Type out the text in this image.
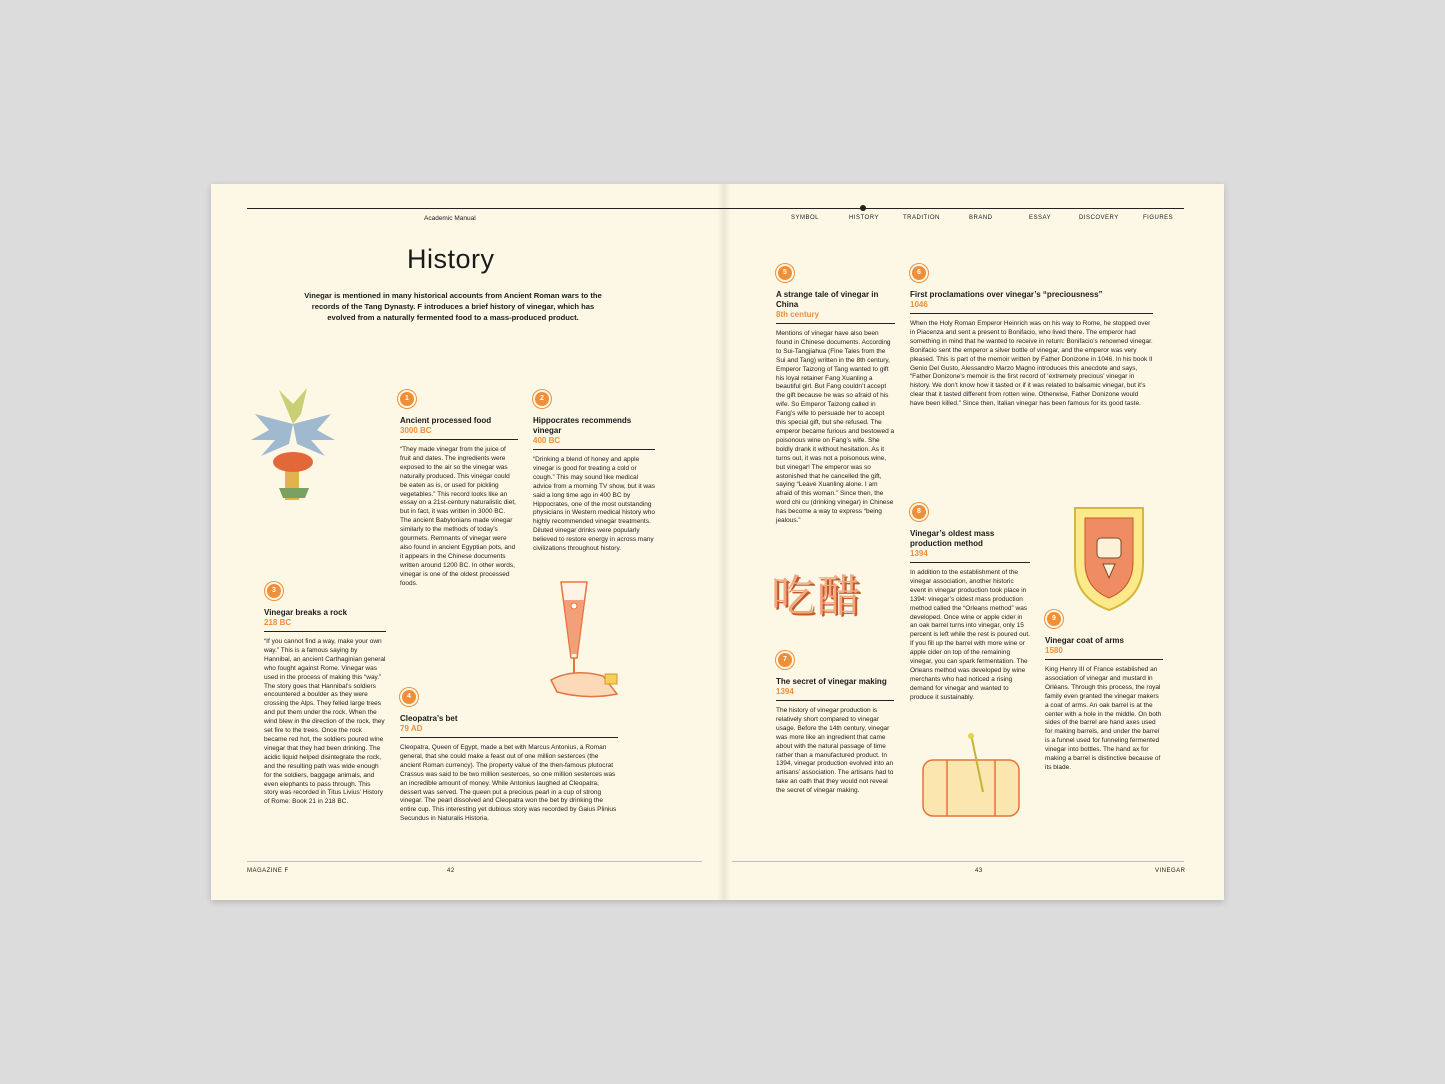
Academic Manual	SYMBOL	HISTORY	TRADITION	BRAND	ESSAY	DISCOVERY	FIGURES
History
Vinegar is mentioned in many historical accounts from Ancient Roman wars to the records of the Tang Dynasty. F introduces a brief history of vinegar, which has evolved from a naturally fermented food to a mass-produced product.
吃醋
1
Ancient processed food
3000 BC
“They made vinegar from the juice of fruit and dates. The ingredients were exposed to the air so the vinegar was naturally produced. This vinegar could be eaten as is, or used for pickling vegetables.” This record looks like an essay on a 21st-century naturalistic diet, but in fact, it was written in 3000 BC. The ancient Babylonians made vinegar similarly to the methods of today’s gourmets. Remnants of vinegar were also found in ancient Egyptian pots, and it appears in the Chinese documents written around 1200 BC. In other words, vinegar is one of the oldest processed foods.
2
Hippocrates recommends vinegar
400 BC
“Drinking a blend of honey and apple vinegar is good for treating a cold or cough.” This may sound like medical advice from a morning TV show, but it was said a long time ago in 400 BC by Hippocrates, one of the most outstanding physicians in Western medical history who highly recommended vinegar treatments. Diluted vinegar drinks were popularly believed to restore energy in across many civilizations throughout history.
3
Vinegar breaks a rock
218 BC
“If you cannot find a way, make your own way.” This is a famous saying by Hannibal, an ancient Carthaginian general who fought against Rome. Vinegar was used in the process of making this “way.” The story goes that Hannibal’s soldiers encountered a boulder as they were crossing the Alps. They felled large trees and put them under the rock. When the wind blew in the direction of the rock, they set fire to the trees. Once the rock became red hot, the soldiers poured wine vinegar that they had been drinking. The acidic liquid helped disintegrate the rock, and the resulting path was wide enough for the soldiers, baggage animals, and even elephants to pass through. This story was recorded in Titus Livius’ History of Rome: Book 21 in 218 BC.
4
Cleopatra’s bet
79 AD
Cleopatra, Queen of Egypt, made a bet with Marcus Antonius, a Roman general, that she could make a feast out of one million sesterces (the ancient Roman currency). The property value of the then-famous plutocrat Crassus was said to be two million sesterces, so one million sesterces was an incredible amount of money. While Antonius laughed at Cleopatra, dessert was served. The queen put a precious pearl in a cup of strong vinegar. The pearl dissolved and Cleopatra won the bet by drinking the entire cup. This interesting yet dubious story was recorded by Gaius Plinius Secundus in Naturalis Historia.
5
A strange tale of vinegar in China
8th century
Mentions of vinegar have also been found in Chinese documents. According to Sui-Tangjiahua (Fine Tales from the Sui and Tang) written in the 8th century, Emperor Taizong of Tang wanted to gift his loyal retainer Fang Xuanling a beautiful girl. But Fang couldn’t accept the gift because he was so afraid of his wife. So Emperor Taizong called in Fang’s wife to persuade her to accept this special gift, but she refused. The emperor became furious and bestowed a poisonous wine on Fang’s wife. She boldly drank it without hesitation. As it turns out, it was not a poisonous wine, but vinegar! The emperor was so astonished that he cancelled the gift, saying “Leave Xuanling alone. I am afraid of this woman.” Since then, the word chi cu (drinking vinegar) in Chinese has become a way to express “being jealous.”
6
First proclamations over vinegar’s “preciousness”
1046
When the Holy Roman Emperor Heinrich was on his way to Rome, he stopped over in Piacenza and sent a present to Bonifacio, who lived there. The emperor had something in mind that he wanted to receive in return: Bonifacio’s renowned vinegar. Bonifacio sent the emperor a silver bottle of vinegar, and the emperor was very pleased. This is part of the memoir written by Father Donizone in 1046. In his book Il Genio Del Gusto, Alessandro Marzo Magno introduces this anecdote and says, “Father Donizone’s memoir is the first record of ‘extremely precious’ vinegar in history. We don’t know how it tasted or if it was related to balsamic vinegar, but it’s clear that it tasted different from rotten wine. Otherwise, Father Donizone would have been killed.” Since then, Italian vinegar has been famous for its good taste.
7
The secret of vinegar making
1394
The history of vinegar production is relatively short compared to vinegar usage. Before the 14th century, vinegar was more like an ingredient that came about with the natural passage of time rather than a manufactured product. In 1394, vinegar production evolved into an artisans’ association. The artisans had to take an oath that they would not reveal the secret of vinegar making.
8
Vinegar’s oldest mass production method
1394
In addition to the establishment of the vinegar association, another historic event in vinegar production took place in 1394: vinegar’s oldest mass production method called the “Orleans method” was developed. Once wine or apple cider in an oak barrel turns into vinegar, only 15 percent is left while the rest is poured out. If you fill up the barrel with more wine or apple cider on top of the remaining vinegar, you can spark fermentation. The Orleans method was developed by wine merchants who had noticed a rising demand for vinegar and wanted to produce it sustainably.
9
Vinegar coat of arms
1580
King Henry III of France established an association of vinegar and mustard in Orléans. Through this process, the royal family even granted the vinegar makers a coat of arms. An oak barrel is at the center with a hole in the middle. On both sides of the barrel are hand axes used for making barrels, and under the barrel is a funnel used for funneling fermented vinegar into bottles. The hand ax for making a barrel is distinctive because of its blade.
MAGAZINE F	42	43	VINEGAR
